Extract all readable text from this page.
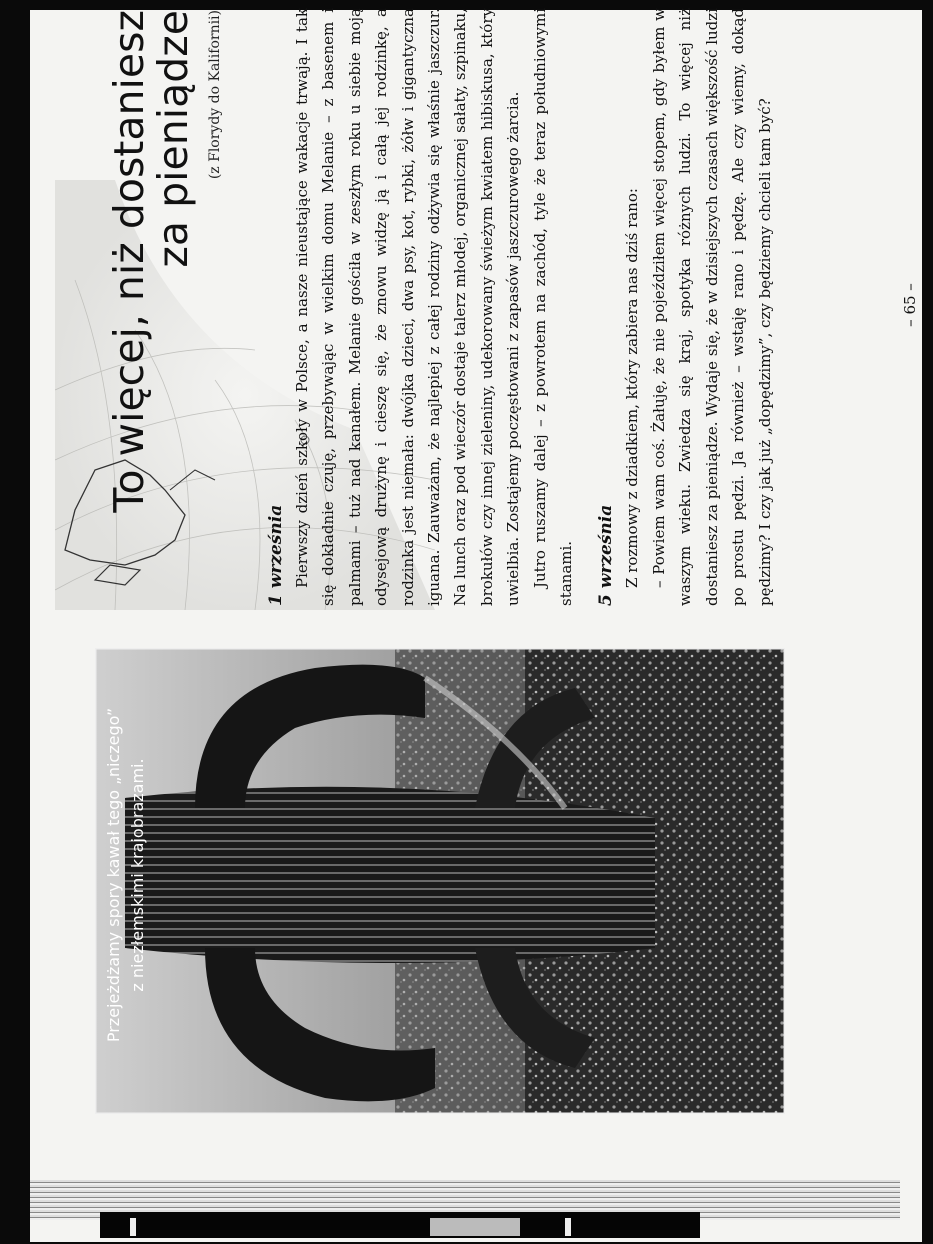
To więcej, niż dostaniesz
za pieniądze (z Florydy do Kalifornii)
1 września Pierwszy dzień szkoły w Polsce, a nasze nieustające wakacje trwają. I tak się dokładnie czuję, przebywając w wielkim domu Melanie – z basenem i palmami – tuż nad kanałem. Melanie gościła w zeszłym roku u siebie moją odysejową drużynę i cieszę się, że znowu widzę ją i całą jej rodzinkę, a rodzinka jest niemała: dwójka dzieci, dwa psy, kot, rybki, żółw i gigantyczna iguana. Zauważam, że najlepiej z całej rodziny odżywia się właśnie jaszczur. Na lunch oraz pod wieczór dostaje talerz młodej, organicznej sałaty, szpinaku, brokułów czy innej zieleniny, udekorowany świeżym kwiatem hibiskusa, który uwielbia. Zostajemy poczęstowani z zapasów jaszczurowego żarcia. Jutro ruszamy dalej – z powrotem na zachód, tyle że teraz południowymi stanami. 5 września Z rozmowy z dziadkiem, który zabiera nas dziś rano: – Powiem wam coś. Żałuję, że nie pojeździłem więcej stopem, gdy byłem w waszym wieku. Zwiedza się kraj, spotyka różnych ludzi. To więcej niż dostaniesz za pieniądze. Wydaje się, że w dzisiejszych czasach większość ludzi po prostu pędzi. Ja również – wstaję rano i pędzę. Ale czy wiemy, dokąd pędzimy? I czy jak już „dopędzimy”, czy będziemy chcieli tam być?	– 65 –
Przejeżdżamy spory kawał tego „niczego” z niezłemskimi krajobrazami.
